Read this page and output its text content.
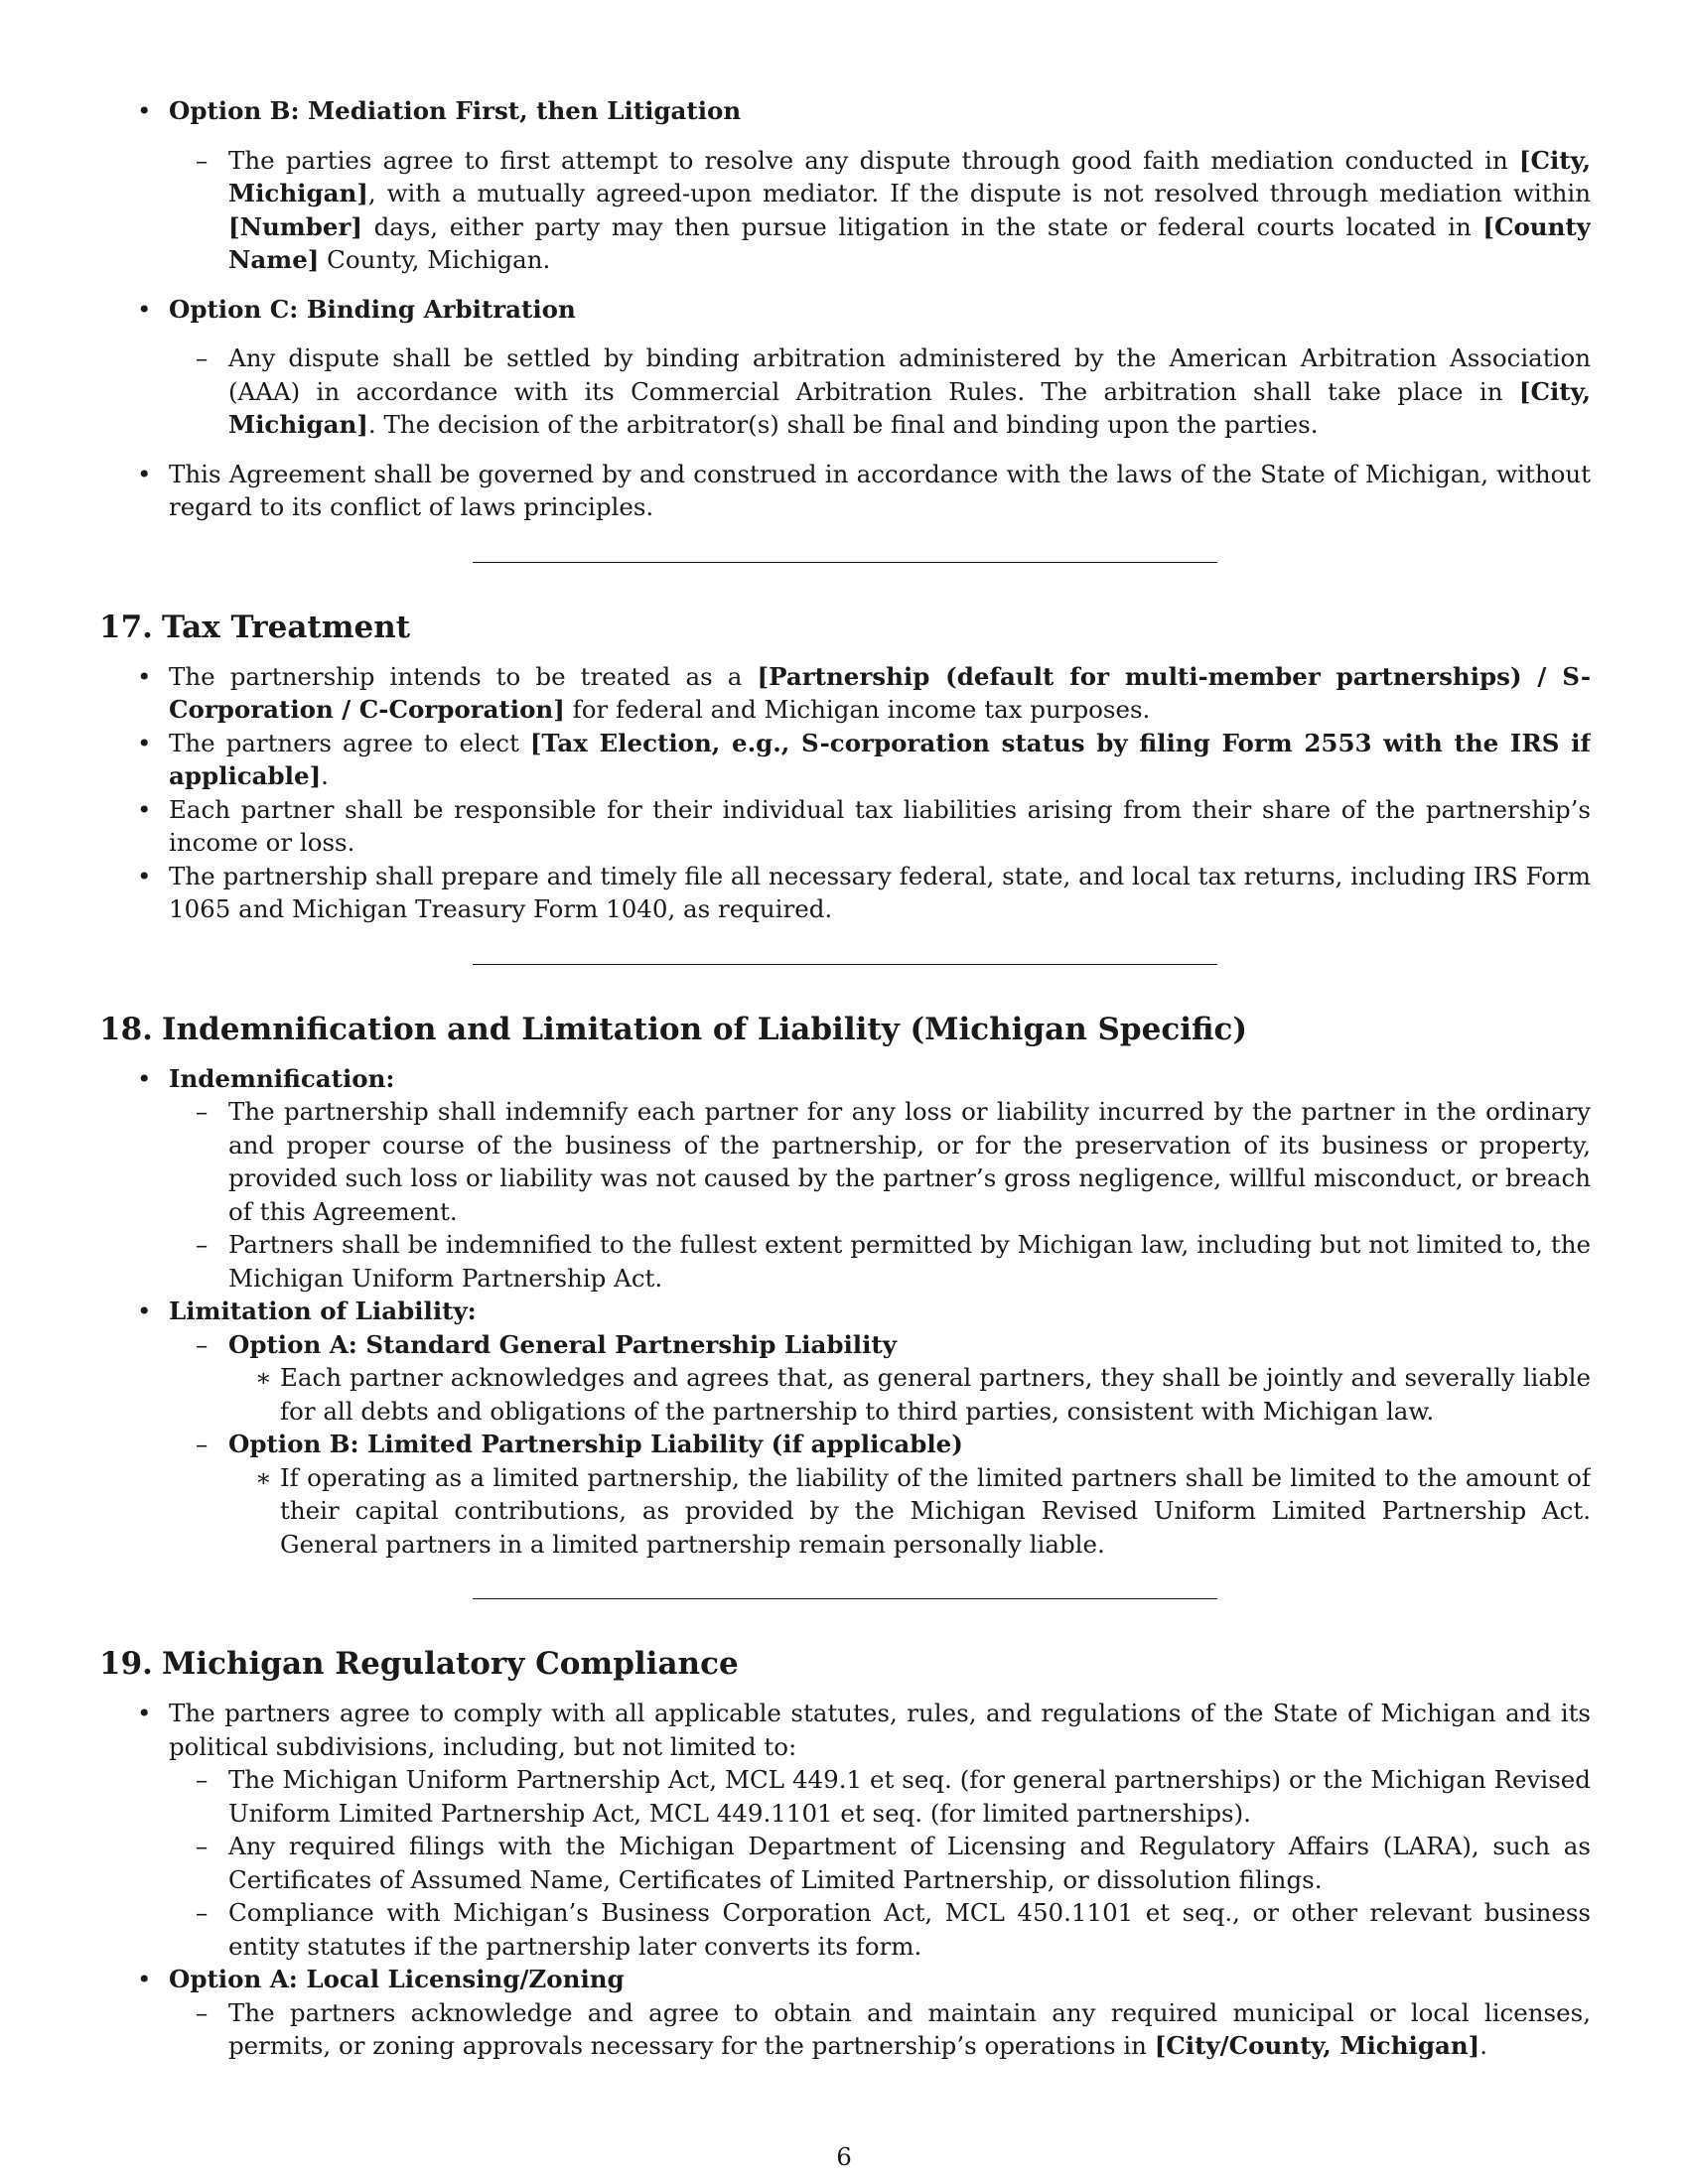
• Option B: Mediation First, then Litigation

– The parties agree to first attempt to resolve any dispute through good faith mediation conducted in [City, Michigan], with a mutually agreed-upon mediator. If the dispute is not resolved through mediation within [Number] days, either party may then pursue litigation in the state or federal courts located in [County Name] County, Michigan.

• Option C: Binding Arbitration

– Any dispute shall be settled by binding arbitration administered by the American Arbitration Association (AAA) in accordance with its Commercial Arbitration Rules. The arbitration shall take place in [City, Michigan]. The decision of the arbitrator(s) shall be final and binding upon the parties.

• This Agreement shall be governed by and construed in accordance with the laws of the State of Michigan, without regard to its conflict of laws principles.

17. Tax Treatment

• The partnership intends to be treated as a [Partnership (default for multi-member partnerships) / S-Corporation / C-Corporation] for federal and Michigan income tax purposes.

• The partners agree to elect [Tax Election, e.g., S-corporation status by filing Form 2553 with the IRS if applicable].

• Each partner shall be responsible for their individual tax liabilities arising from their share of the partnership’s income or loss.

• The partnership shall prepare and timely file all necessary federal, state, and local tax returns, including IRS Form 1065 and Michigan Treasury Form 1040, as required.

18. Indemnification and Limitation of Liability (Michigan Specific)

• Indemnification:

– The partnership shall indemnify each partner for any loss or liability incurred by the partner in the ordinary and proper course of the business of the partnership, or for the preservation of its business or property, provided such loss or liability was not caused by the partner’s gross negligence, willful misconduct, or breach of this Agreement.

– Partners shall be indemnified to the fullest extent permitted by Michigan law, including but not limited to, the Michigan Uniform Partnership Act.

• Limitation of Liability:

– Option A: Standard General Partnership Liability

∗ Each partner acknowledges and agrees that, as general partners, they shall be jointly and severally liable for all debts and obligations of the partnership to third parties, consistent with Michigan law.

– Option B: Limited Partnership Liability (if applicable)

∗ If operating as a limited partnership, the liability of the limited partners shall be limited to the amount of their capital contributions, as provided by the Michigan Revised Uniform Limited Partnership Act. General partners in a limited partnership remain personally liable.

19. Michigan Regulatory Compliance

• The partners agree to comply with all applicable statutes, rules, and regulations of the State of Michigan and its political subdivisions, including, but not limited to:

– The Michigan Uniform Partnership Act, MCL 449.1 et seq. (for general partnerships) or the Michigan Revised Uniform Limited Partnership Act, MCL 449.1101 et seq. (for limited partnerships).

– Any required filings with the Michigan Department of Licensing and Regulatory Affairs (LARA), such as Certificates of Assumed Name, Certificates of Limited Partnership, or dissolution filings.

– Compliance with Michigan’s Business Corporation Act, MCL 450.1101 et seq., or other relevant business entity statutes if the partnership later converts its form.

• Option A: Local Licensing/Zoning

– The partners acknowledge and agree to obtain and maintain any required municipal or local licenses, permits, or zoning approvals necessary for the partnership’s operations in [City/County, Michigan].

6
